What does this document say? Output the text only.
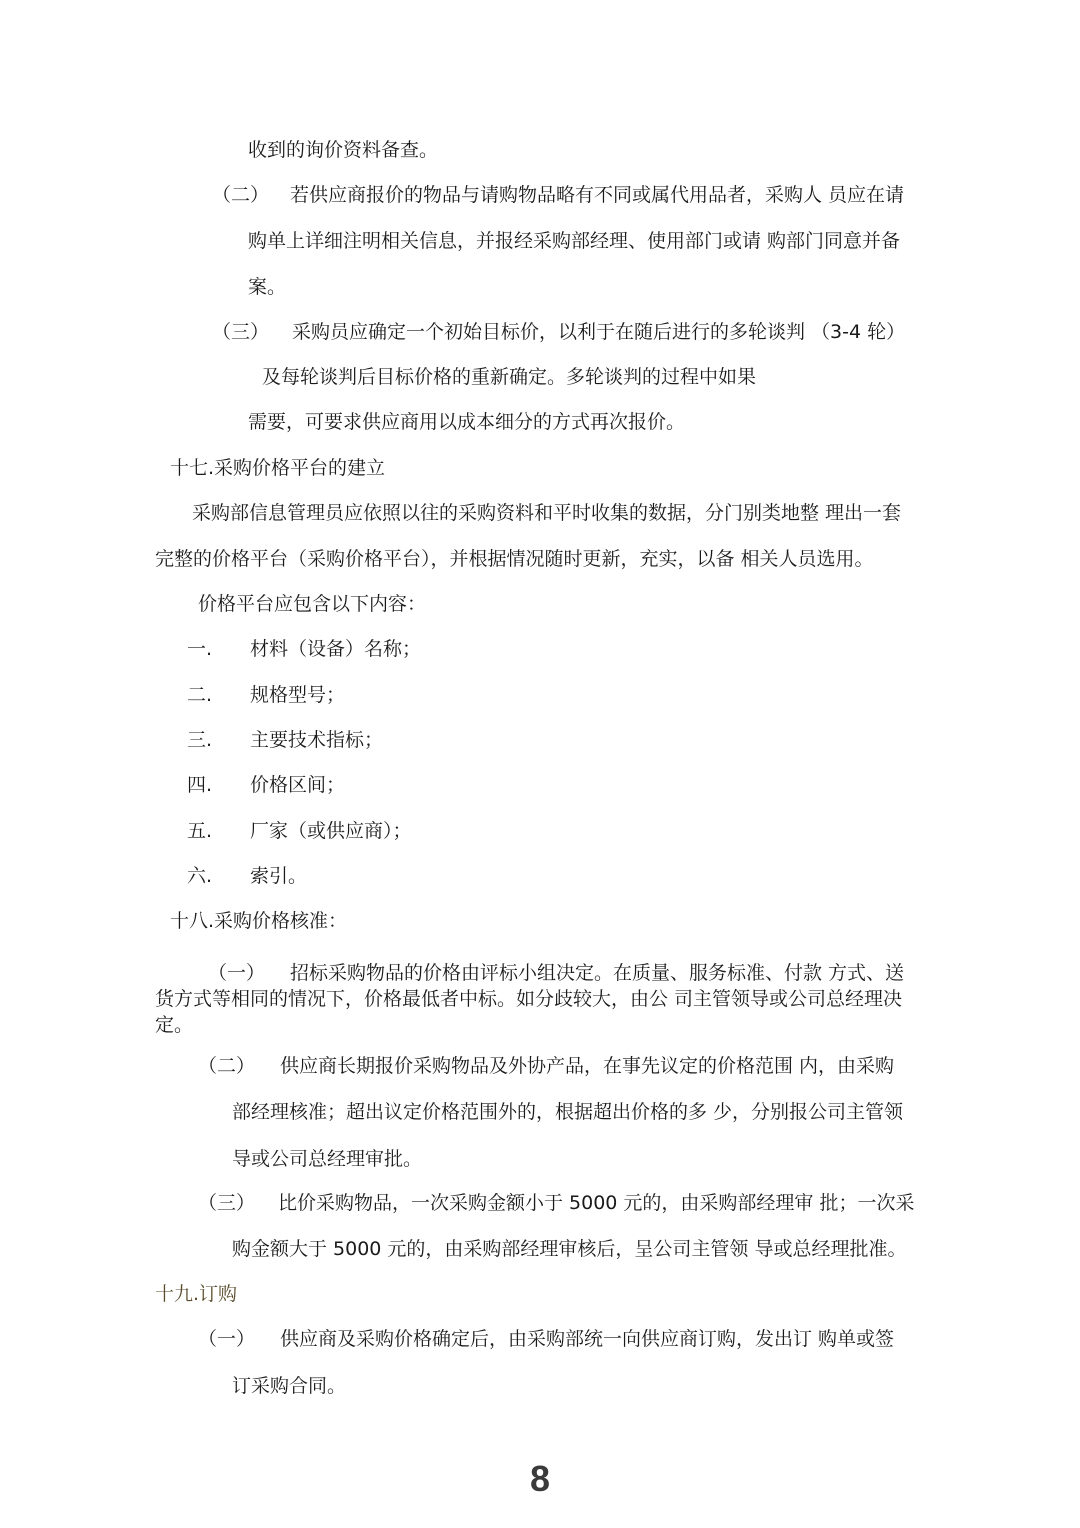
收到的询价资料备查。
（二） 若供应商报价的物品与请购物品略有不同或属代用品者，采购人 员应在请
购单上详细注明相关信息，并报经采购部经理、使用部门或请 购部门同意并备
案。
（三） 采购员应确定一个初始目标价，以利于在随后进行的多轮谈判 （3-4 轮）
及每轮谈判后目标价格的重新确定。多轮谈判的过程中如果
需要，可要求供应商用以成本细分的方式再次报价。
十七.采购价格平台的建立
采购部信息管理员应依照以往的采购资料和平时收集的数据，分门别类地整 理出一套
完整的价格平台（采购价格平台），并根据情况随时更新，充实，以备 相关人员选用。
价格平台应包含以下内容：
一. 材料（设备）名称；
二. 规格型号；
三. 主要技术指标；
四. 价格区间；
五. 厂家（或供应商）；
六. 索引。
十八.采购价格核准：
（一） 招标采购物品的价格由评标小组决定。在质量、服务标准、付款 方式、送
货方式等相同的情况下，价格最低者中标。如分歧较大，由公 司主管领导或公司总经理决
定。
（二） 供应商长期报价采购物品及外协产品，在事先议定的价格范围 内，由采购
部经理核准；超出议定价格范围外的，根据超出价格的多 少，分别报公司主管领
导或公司总经理审批。
（三） 比价采购物品，一次采购金额小于 5000 元的，由采购部经理审 批；一次采
购金额大于 5000 元的，由采购部经理审核后，呈公司主管领 导或总经理批准。
十九.订购
（一） 供应商及采购价格确定后，由采购部统一向供应商订购，发出订 购单或签
订采购合同。
8
